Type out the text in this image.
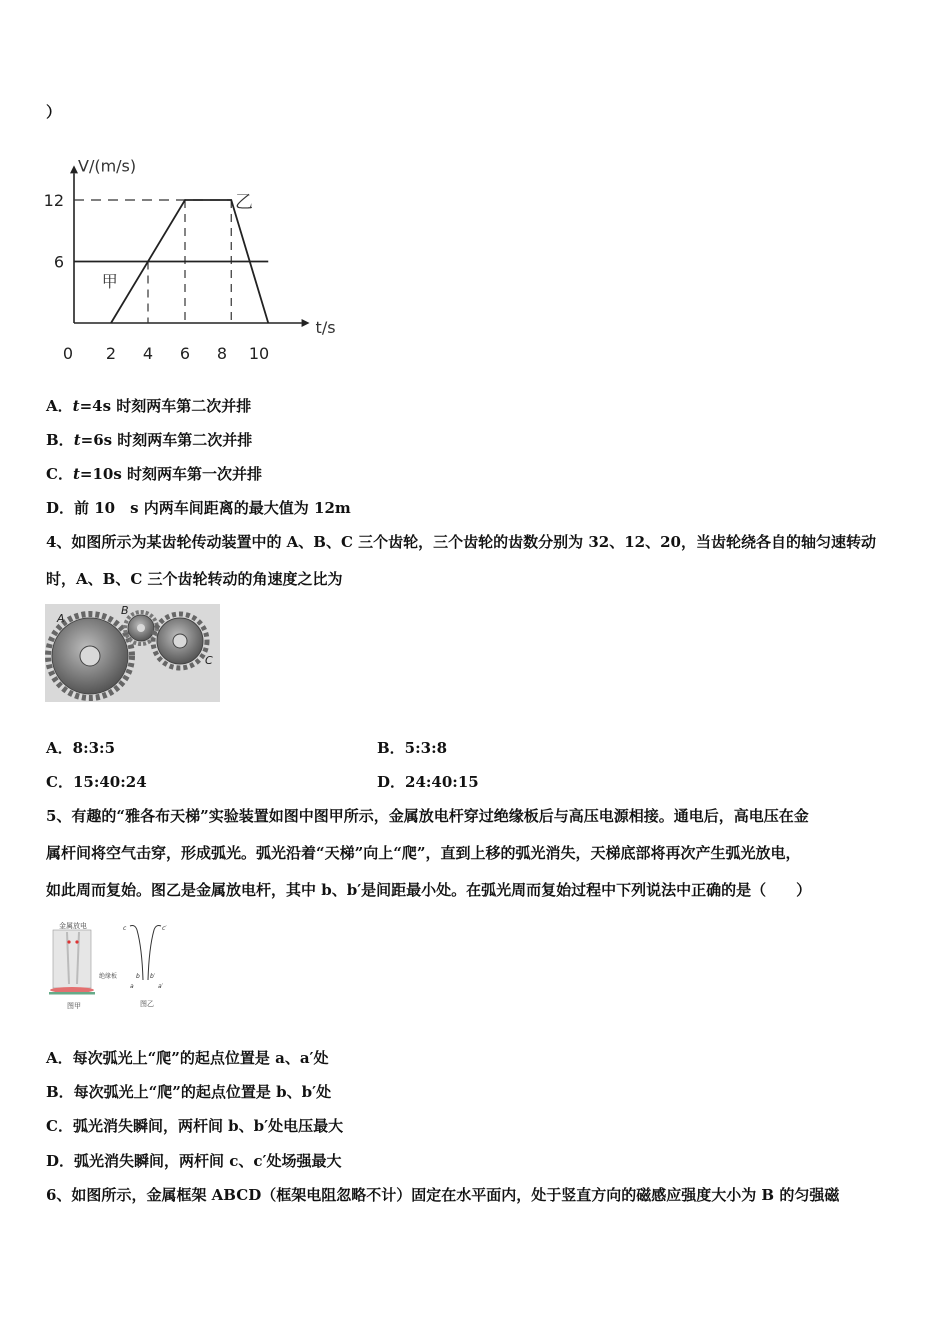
）
V/(m/s)
t/s
0 2 4 6 8 10
12
6
甲
乙
A．t=4s 时刻两车第二次并排
B．t=6s 时刻两车第二次并排
C．t=10s 时刻两车第一次并排
D．前 10　s 内两车间距离的最大值为 12m
4、如图所示为某齿轮传动装置中的 A、B、C 三个齿轮，三个齿轮的齿数分别为 32、12、20，当齿轮绕各自的轴匀速转动
时，A、B、C 三个齿轮转动的角速度之比为
A
B
C
A．8:3:5	B．5:3:8
C．15:40:24	D．24:40:15
5、有趣的“雅各布天梯”实验装置如图中图甲所示，金属放电杆穿过绝缘板后与高压电源相接。通电后，高电压在金
属杆间将空气击穿，形成弧光。弧光沿着“天梯”向上“爬”，直到上移的弧光消失，天梯底部将再次产生弧光放电，
如此周而复始。图乙是金属放电杆，其中 b、b′是间距最小处。在弧光周而复始过程中下列说法中正确的是（　　）
金属放电
绝缘板
图甲
c	c′
b b′
a	a′
图乙
A．每次弧光上“爬”的起点位置是 a、a′处
B．每次弧光上“爬”的起点位置是 b、b′处
C．弧光消失瞬间，两杆间 b、b′处电压最大
D．弧光消失瞬间，两杆间 c、c′处场强最大
6、如图所示，金属框架 ABCD（框架电阻忽略不计）固定在水平面内，处于竖直方向的磁感应强度大小为 B 的匀强磁
